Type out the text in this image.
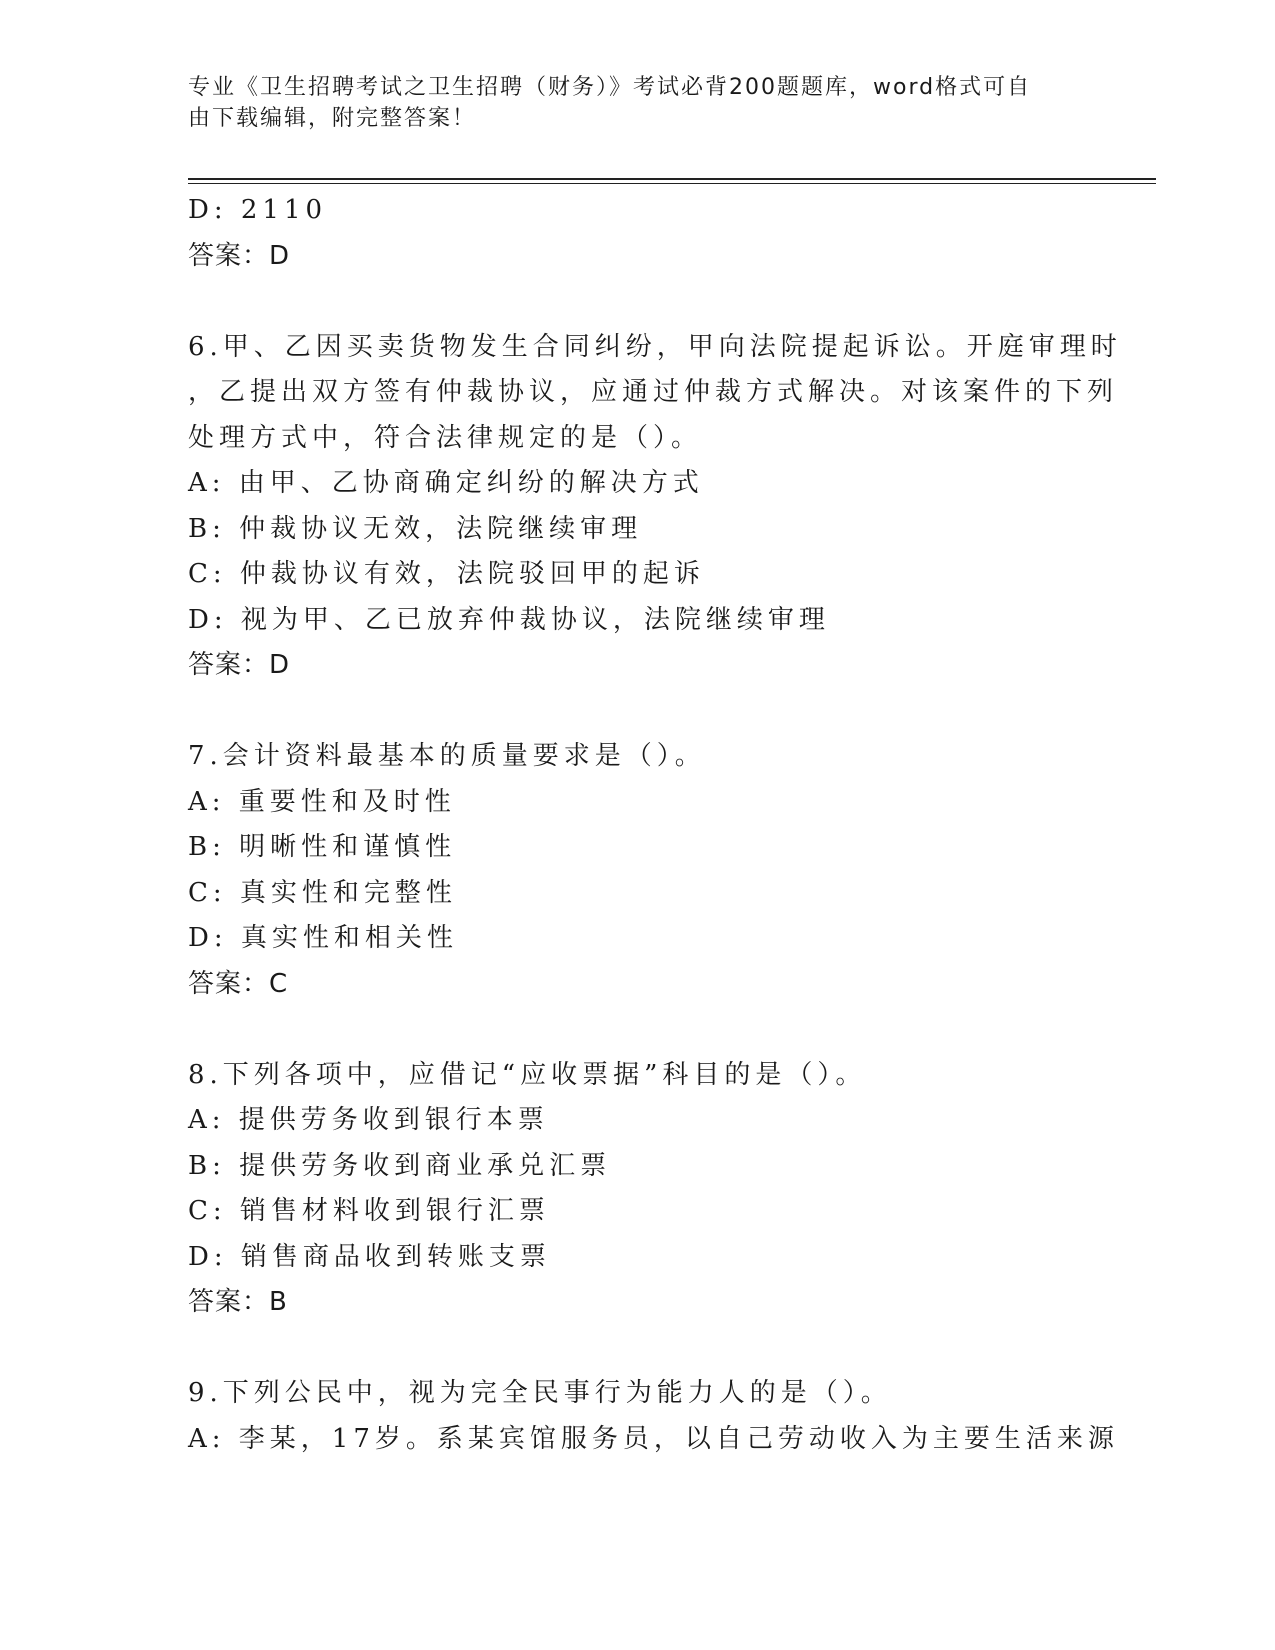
专业《卫生招聘考试之卫生招聘（财务）》考试必背200题题库，word格式可自
由下载编辑，附完整答案！
D: 2110
答案：D
6.甲、乙因买卖货物发生合同纠纷，甲向法院提起诉讼。开庭审理时
，乙提出双方签有仲裁协议，应通过仲裁方式解决。对该案件的下列
处理方式中，符合法律规定的是（）。
A: 由甲、乙协商确定纠纷的解决方式
B: 仲裁协议无效，法院继续审理
C: 仲裁协议有效，法院驳回甲的起诉
D: 视为甲、乙已放弃仲裁协议，法院继续审理
答案：D
7.会计资料最基本的质量要求是（）。
A: 重要性和及时性
B: 明晰性和谨慎性
C: 真实性和完整性
D: 真实性和相关性
答案：C
8.下列各项中，应借记“应收票据”科目的是（）。
A: 提供劳务收到银行本票
B: 提供劳务收到商业承兑汇票
C: 销售材料收到银行汇票
D: 销售商品收到转账支票
答案：B
9.下列公民中，视为完全民事行为能力人的是（）。
A: 李某，17岁。系某宾馆服务员，以自己劳动收入为主要生活来源
